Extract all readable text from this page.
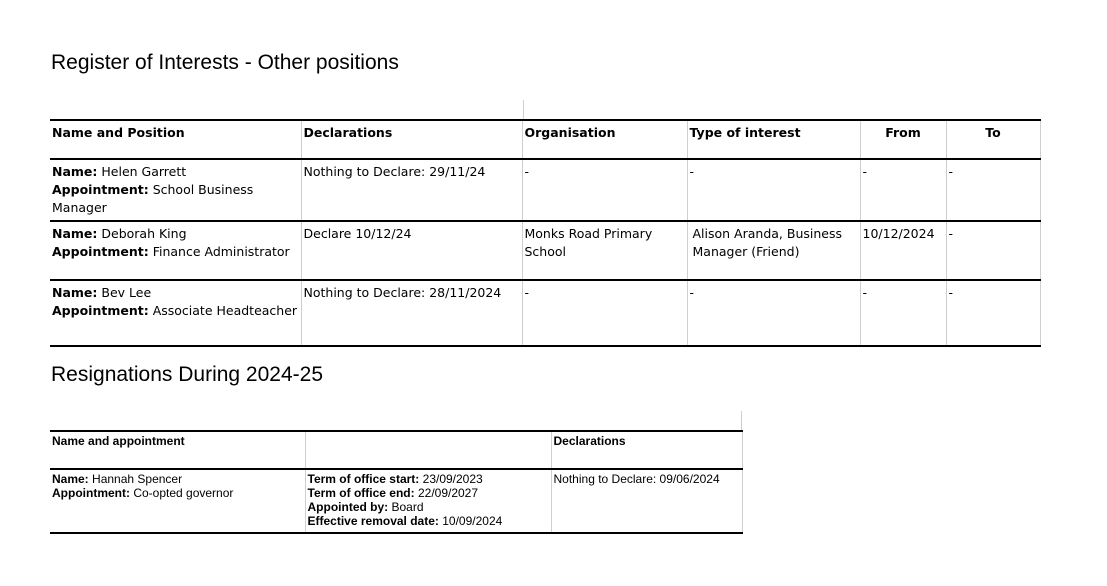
Register of Interests - Other positions
Name and Position	Declarations	Organisation	Type of interest	From	To
Name: Helen Garrett
Appointment: School Business Manager	Nothing to Declare: 29/11/24	-	-	-	-
Name: Deborah King
Appointment: Finance Administrator	Declare 10/12/24	Monks Road Primary School	Alison Aranda, Business Manager (Friend)	10/12/2024	-
Name: Bev Lee
Appointment: Associate Headteacher	Nothing to Declare: 28/11/2024	-	-	-	-
Resignations During 2024-25
Name and appointment		Declarations
Name: Hannah Spencer
Appointment: Co-opted governor	Term of office start: 23/09/2023
Term of office end: 22/09/2027
Appointed by: Board
Effective removal date: 10/09/2024	Nothing to Declare: 09/06/2024
